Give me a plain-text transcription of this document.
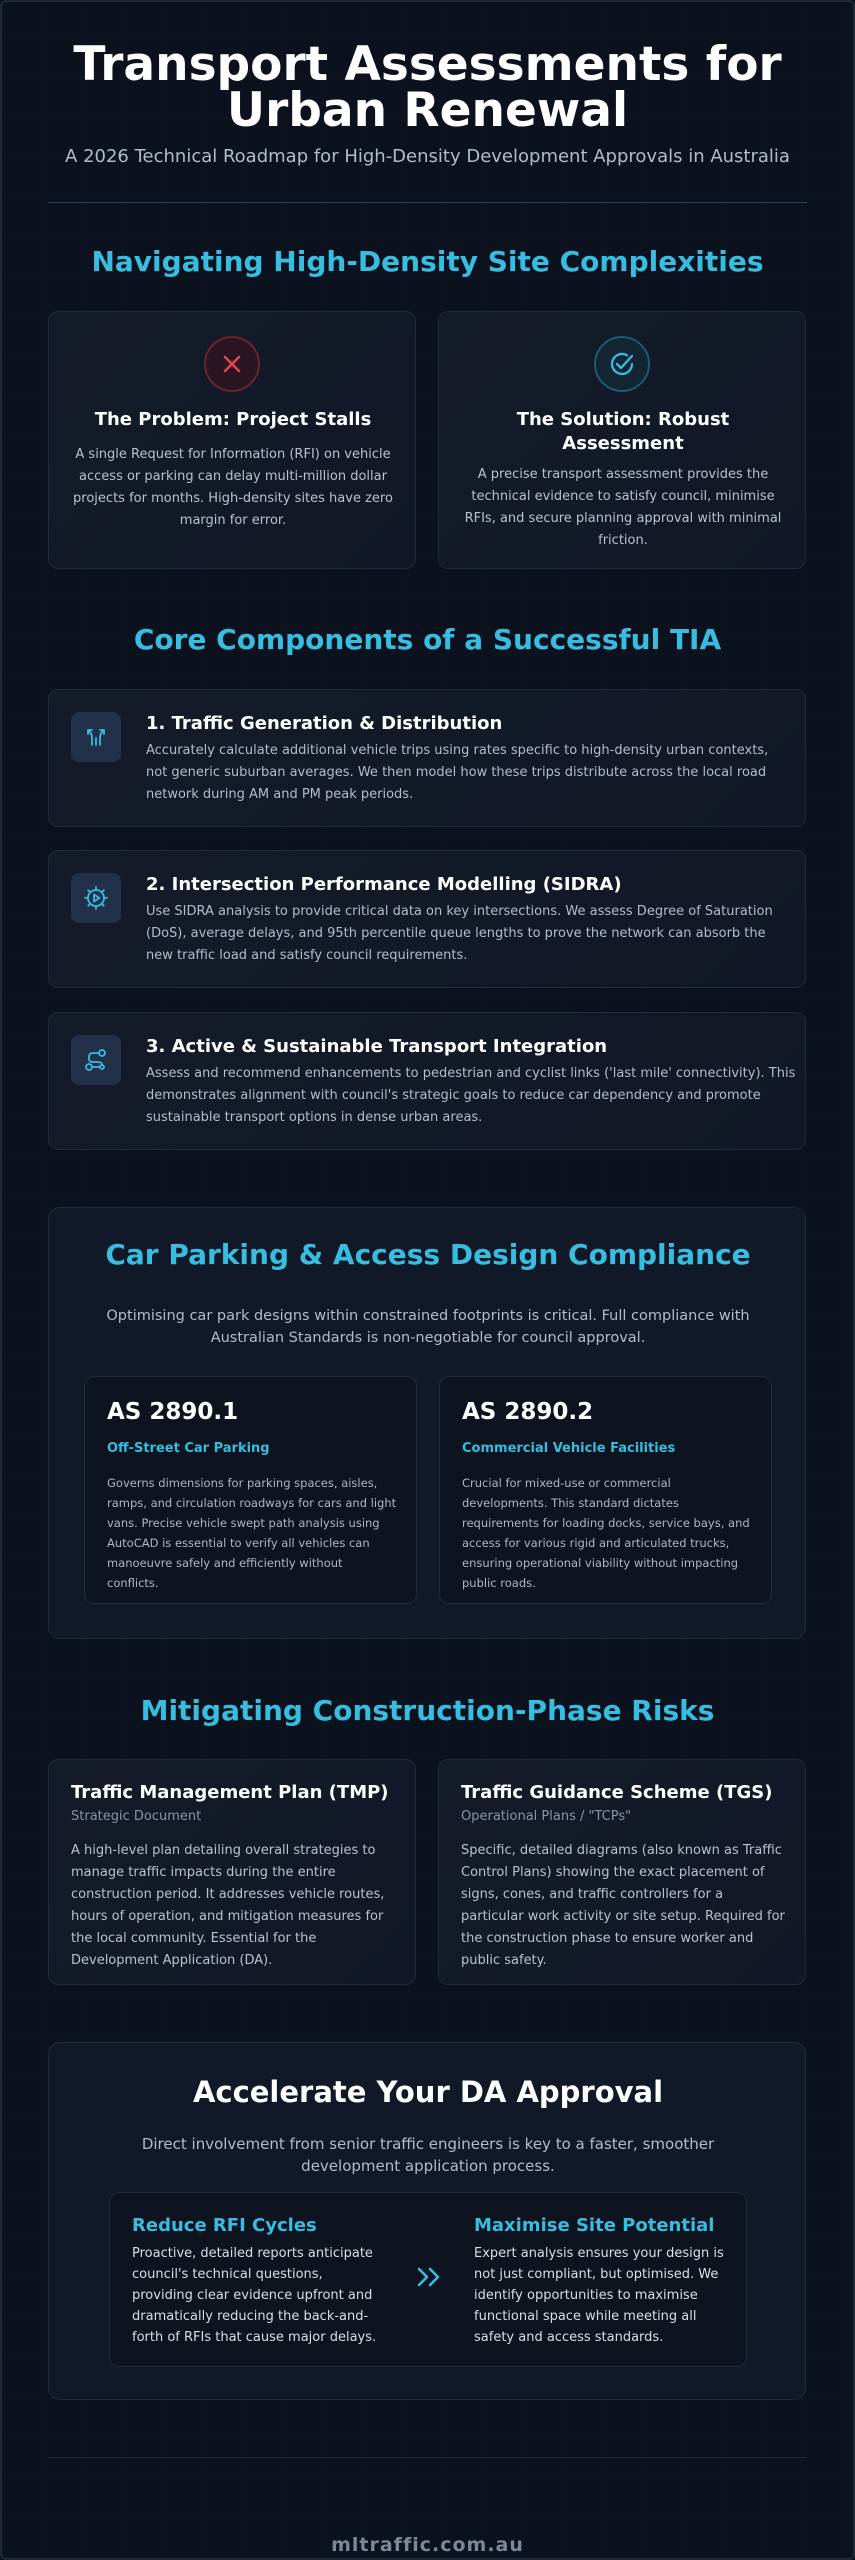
Transport Assessments for Urban Renewal
A 2026 Technical Roadmap for High-Density Development Approvals in Australia
Navigating High-Density Site Complexities
The Problem: Project Stalls
A single Request for Information (RFI) on vehicle access or parking can delay multi-million dollar projects for months. High-density sites have zero margin for error.
The Solution: Robust Assessment
A precise transport assessment provides the technical evidence to satisfy council, minimise RFIs, and secure planning approval with minimal friction.
Core Components of a Successful TIA
1. Traffic Generation & Distribution
Accurately calculate additional vehicle trips using rates specific to high-density urban contexts, not generic suburban averages. We then model how these trips distribute across the local road network during AM and PM peak periods.
2. Intersection Performance Modelling (SIDRA)
Use SIDRA analysis to provide critical data on key intersections. We assess Degree of Saturation (DoS), average delays, and 95th percentile queue lengths to prove the network can absorb the new traffic load and satisfy council requirements.
3. Active & Sustainable Transport Integration
Assess and recommend enhancements to pedestrian and cyclist links ('last mile' connectivity). This demonstrates alignment with council's strategic goals to reduce car dependency and promote sustainable transport options in dense urban areas.
Car Parking & Access Design Compliance
Optimising car park designs within constrained footprints is critical. Full compliance with Australian Standards is non-negotiable for council approval.
AS 2890.1
Off-Street Car Parking
Governs dimensions for parking spaces, aisles, ramps, and circulation roadways for cars and light vans. Precise vehicle swept path analysis using AutoCAD is essential to verify all vehicles can manoeuvre safely and efficiently without conflicts.
AS 2890.2
Commercial Vehicle Facilities
Crucial for mixed-use or commercial developments. This standard dictates requirements for loading docks, service bays, and access for various rigid and articulated trucks, ensuring operational viability without impacting public roads.
Mitigating Construction-Phase Risks
Traffic Management Plan (TMP)
Strategic Document
A high-level plan detailing overall strategies to manage traffic impacts during the entire construction period. It addresses vehicle routes, hours of operation, and mitigation measures for the local community. Essential for the Development Application (DA).
Traffic Guidance Scheme (TGS)
Operational Plans / "TCPs"
Specific, detailed diagrams (also known as Traffic Control Plans) showing the exact placement of signs, cones, and traffic controllers for a particular work activity or site setup. Required for the construction phase to ensure worker and public safety.
Accelerate Your DA Approval
Direct involvement from senior traffic engineers is key to a faster, smoother development application process.
Reduce RFI Cycles
Proactive, detailed reports anticipate council's technical questions, providing clear evidence upfront and dramatically reducing the back-and-forth of RFIs that cause major delays.
Maximise Site Potential
Expert analysis ensures your design is not just compliant, but optimised. We identify opportunities to maximise functional space while meeting all safety and access standards.
mltraffic.com.au
